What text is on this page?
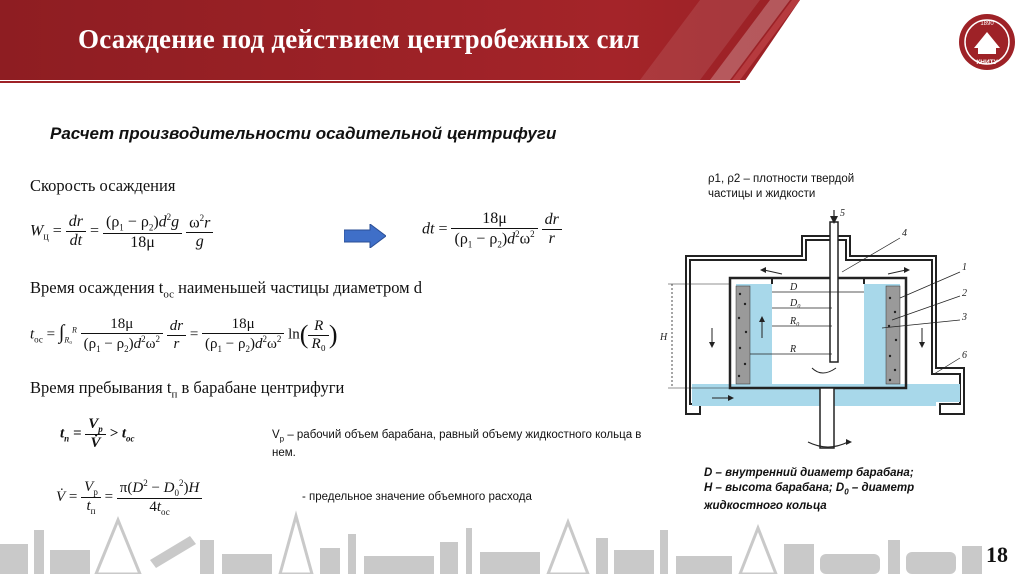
Осаждение под действием центробежных сил	1890
КНИТУ
Расчет производительности осадительной центрифуги
Скорость осаждения
$W_ц = \frac{dr}{dt} = \frac{(\rho_1 - \rho_2)d^2g}{18\mu}$
$\frac{\omega^2r}{g}$	dt = $\frac{18\mu}{(\rho_1 - \rho_2)d^2\omega^2}$
$\frac{dr}{r}$
Время осаждения $t_{ос}$ наименьшей частицы диаметром d
$t_{ос} = \int_{R_0}^R \frac{18\mu}{(\rho_1 - \rho_2)d^2\omega^2}$
$\frac{dr}{r} = \frac{18\mu}{(\rho_1 - \rho_2)d^2\omega^2} \ln( \frac{R}{\text{R₀}}$ )
Время пребывания $t_п$ в барабане центрифуги
$t_п = \frac{V_p}{V̇} > t_{ос}$	$V_р$ – рабочий объем барабана, равный объему жидкостного кольца в нем.
V̇ = $\frac{V_р}{t_п} = \frac{\pi(D^2 - D_0^2)H}{4t_{ос}}$	- предельное значение объемного расхода
ρ1, ρ2 – плотности твердой частицы и жидкости
5
4
1
2
3
6
D
D₀
R₀
R
H
D – внутренний диаметр барабана;
H – высота барабана; $D_0$ – диаметр
жидкостного кольца
18
